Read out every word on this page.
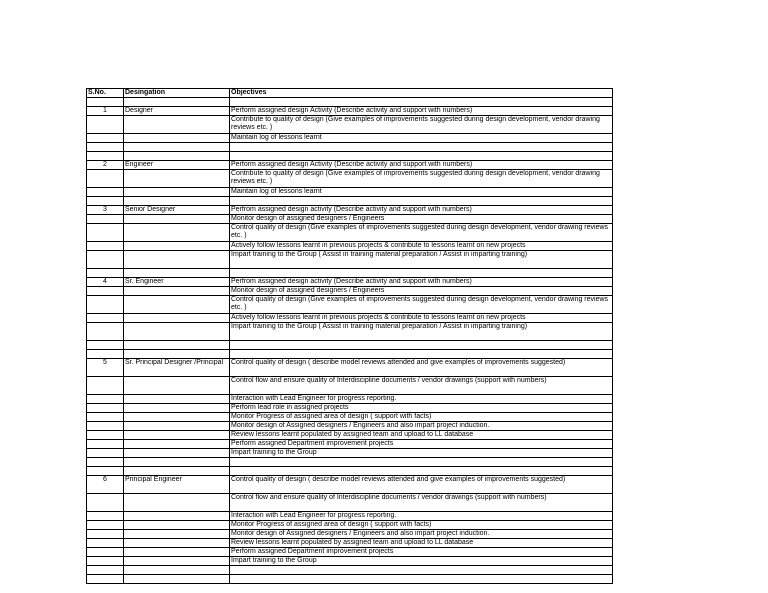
S.No.	Desingation	Objectives

1	Designer	Perform assigned design Activity (Describe activity and support with numbers)
		Contribute to quality of design (Give examples of improvements suggested during design development, vendor drawing reviews etc. )
		Maintain log of lessons learnt

2	Engineer	Perform assigned design Activity (Describe activity and support with numbers)
		Contribute to quality of design (Give examples of improvements suggested during design development, vendor drawing reviews etc. )
		Maintain log of lessons learnt

3	Senior Designer	Perfrom assigned design activity (Describe activity and support with numbers)
		Monitor design of assigned designers / Engineers
		Control quality of design (Give examples of improvements suggested during design development, vendor drawing reviews etc. )
		Actively follow lessons learnt in previous projects & contribute to lessons learnt on new projects
		Impart training to the Group ( Assist in training material preparation / Assist in imparting training)

4	Sr. Engineer	Perfrom assigned design activity (Describe activity and support with numbers)
		Monitor design of assigned designers / Engineers
		Control quality of design (Give examples of improvements suggested during design development, vendor drawing reviews etc. )
		Actively follow lessons learnt in previous projects & contribute to lessons learnt on new projects
		Impart training to the Group ( Assist in training material preparation / Assist in imparting training)

5	Sr. Principal Designer /Principal	Control quality of design ( describe model reviews attended and give examples of improvements suggested)
		Control flow and ensure quality of Interdiscipline documents / vendor drawings (support with numbers)
		Interaction with Lead Engineer for progress reporting.
		Perform lead role in assigned projects
		Monitor Progress of assigned area of design ( support with facts)
		Monitor design of Assigned designers / Engineers and also impart project induction.
		Review lessons learnt populated by assigned team and upload to LL database
		Perform assigned Department improvement projects
		Impart training to the Group

6	Principal Engineer	Control quality of design ( describe model reviews attended and give examples of improvements suggested)
		Control flow and ensure quality of Interdiscipline documents / vendor drawings (support with numbers)
		Interaction with Lead Engineer for progress reporting.
		Monitor Progress of assigned area of design ( support with facts)
		Monitor design of Assigned designers / Engineers and also impart project induction.
		Review lessons learnt populated by assigned team and upload to LL database
		Perform assigned Department improvement projects
		Impart training to the Group
